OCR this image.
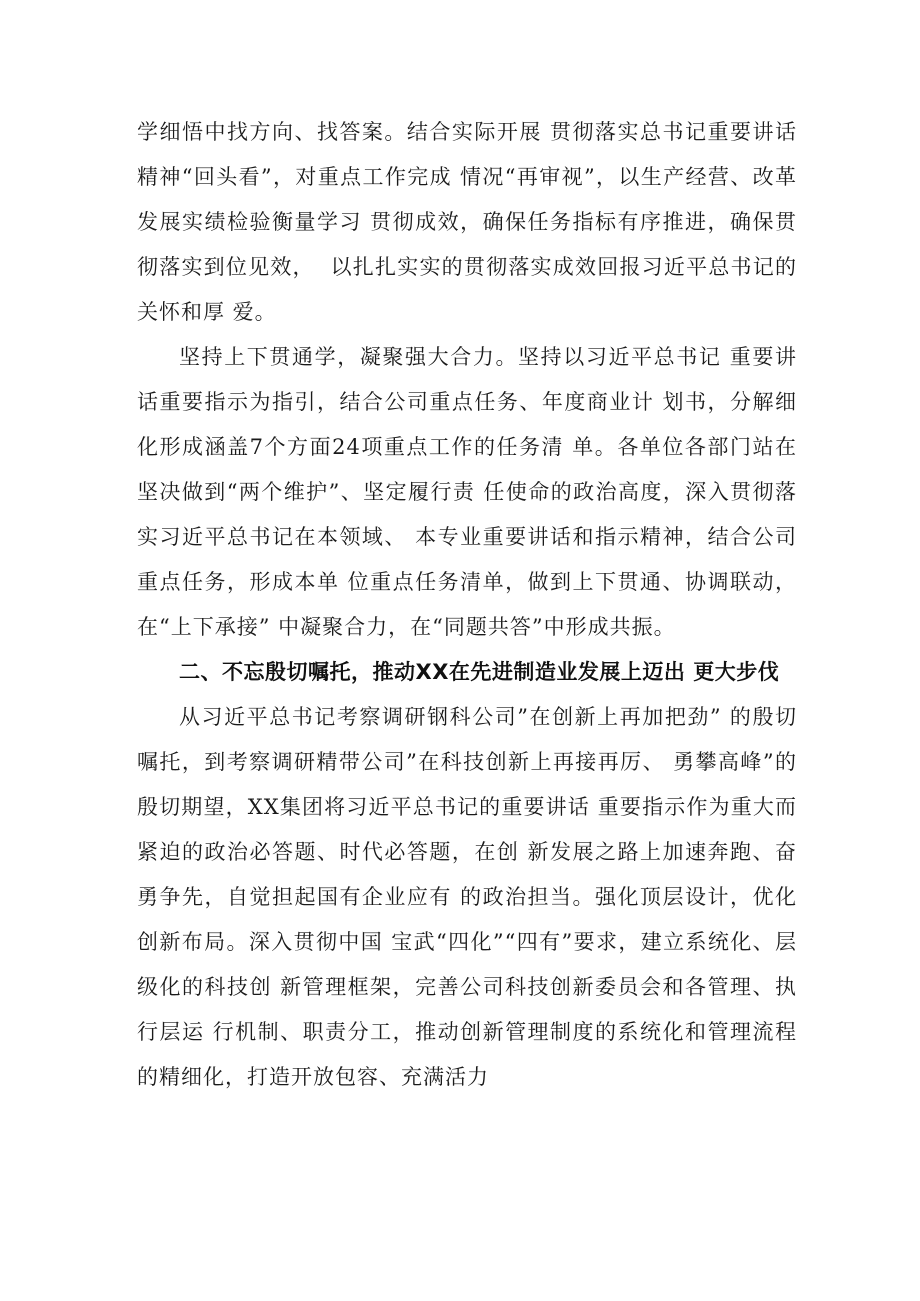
学细悟中找方向、找答案。结合实际开展 贯彻落实总书记重要讲话精神“回头看”，对重点工作完成 情况“再审视”，以生产经营、改革发展实绩检验衡量学习 贯彻成效，确保任务指标有序推进，确保贯彻落实到位见效，  以扎扎实实的贯彻落实成效回报习近平总书记的关怀和厚 爱。

坚持上下贯通学，凝聚强大合力。坚持以习近平总书记 重要讲话重要指示为指引，结合公司重点任务、年度商业计 划书，分解细化形成涵盖7个方面24项重点工作的任务清 单。各单位各部门站在坚决做到“两个维护”、坚定履行责 任使命的政治高度，深入贯彻落实习近平总书记在本领域、 本专业重要讲话和指示精神，结合公司重点任务，形成本单 位重点任务清单，做到上下贯通、协调联动，在“上下承接” 中凝聚合力，在“同题共答”中形成共振。

二、不忘殷切嘱托，推动XX在先进制造业发展上迈出 更大步伐

从习近平总书记考察调研钢科公司”在创新上再加把劲” 的殷切嘱托，到考察调研精带公司”在科技创新上再接再厉、 勇攀高峰”的殷切期望，XX集团将习近平总书记的重要讲话 重要指示作为重大而紧迫的政治必答题、时代必答题，在创 新发展之路上加速奔跑、奋勇争先，自觉担起国有企业应有 的政治担当。强化顶层设计，优化创新布局。深入贯彻中国 宝武“四化”“四有”要求，建立系统化、层级化的科技创 新管理框架，完善公司科技创新委员会和各管理、执行层运 行机制、职责分工，推动创新管理制度的系统化和管理流程 的精细化，打造开放包容、充满活力
